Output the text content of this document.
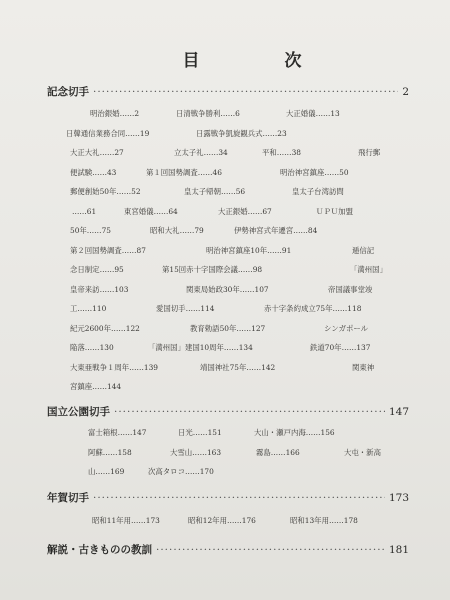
目　次
記念切手 ·····	2
明治銀婚……2	日清戦争勝利……6	大正婚儀……13
日韓通信業務合同……19	日露戦争凱旋観兵式……23
大正大礼……27	立太子礼……34	平和……38	飛行郵
便試験……43	第１回国勢調査……46	明治神宮鎮座……50
郵便創始50年……52	皇太子帰朝……56	皇太子台湾訪問
……61	東宮婚儀……64	大正銀婚……67	ＵＰＵ加盟
50年……75	昭和大礼……79	伊勢神宮式年遷宮……84
第２回国勢調査……87	明治神宮鎮座10年……91	逓信記
念日制定……95	第15回赤十字国際会議……98	「満州国」
皇帝来訪……103	関東局始政30年……107	帝国議事堂竣
工……110	愛国切手……114	赤十字条約成立75年……118
紀元2600年……122	教育勅語50年……127	シンガポール
陥落……130	「満州国」建国10周年……134	鉄道70年……137
大東亜戦争１周年……139	靖国神社75年……142	関東神
宮鎮座……144
国立公園切手 ·····	147
富士箱根……147	日光……151	大山・瀬戸内海……156
阿蘇……158	大雪山……163	霧島……166	大屯・新高
山……169	次高タロコ……170
年賀切手 ·····	173
昭和11年用……173	昭和12年用……176	昭和13年用……178
解説・古きものの教訓 ·····	181
